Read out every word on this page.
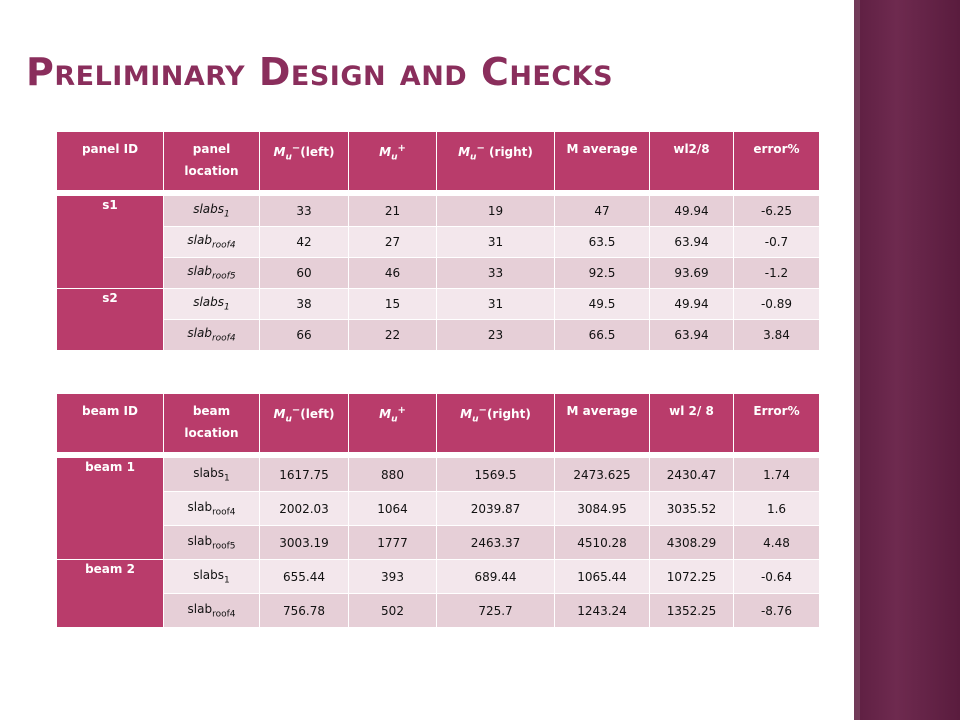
Preliminary Design and Checks
panel ID	panel location	$M_u^-(left)$	$M_u^+$	$M_u^-$ (right)	M average	wl2/8	error%

s1	slabs$_1$	33	21	19	47	49.94	-6.25
	slab$_{roof4}$	42	27	31	63.5	63.94	-0.7
	slab$_{roof5}$	60	46	33	92.5	93.69	-1.2
s2	slabs$_1$	38	15	31	49.5	49.94	-0.89
	slab$_{roof4}$	66	22	23	66.5	63.94	3.84
beam ID	beam location	$M_u^-(left)$	$M_u^+$	$M_u^-(right)$	M average	wl 2/ 8	Error%

beam 1	slabs$_1$	1617.75	880	1569.5	2473.625	2430.47	1.74
	slab$_{roof4}$	2002.03	1064	2039.87	3084.95	3035.52	1.6
	slab$_{roof5}$	3003.19	1777	2463.37	4510.28	4308.29	4.48
beam 2	slabs$_1$	655.44	393	689.44	1065.44	1072.25	-0.64
	slab$_{roof4}$	756.78	502	725.7	1243.24	1352.25	-8.76
